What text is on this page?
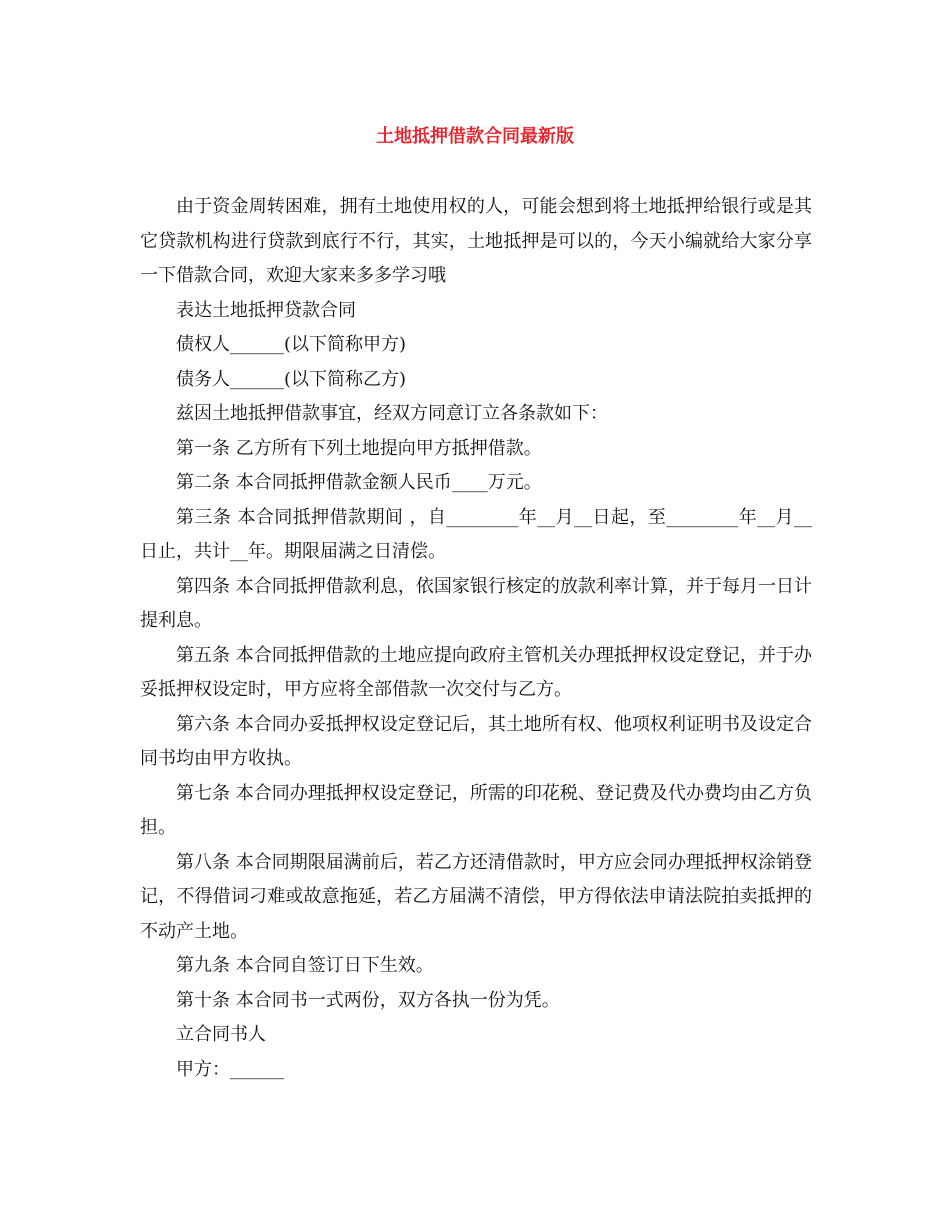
土地抵押借款合同最新版

由于资金周转困难，拥有土地使用权的人，可能会想到将土地抵押给银行或是其它贷款机构进行贷款到底行不行，其实，土地抵押是可以的，今天小编就给大家分享一下借款合同，欢迎大家来多多学习哦

表达土地抵押贷款合同

债权人______(以下简称甲方)

债务人______(以下简称乙方)

兹因土地抵押借款事宜，经双方同意订立各条款如下：

第一条 乙方所有下列土地提向甲方抵押借款。

第二条 本合同抵押借款金额人民币____万元。

第三条 本合同抵押借款期间 ，自________年__月__日起，至________年__月__日止，共计__年。期限届满之日清偿。

第四条 本合同抵押借款利息，依国家银行核定的放款利率计算，并于每月一日计提利息。

第五条 本合同抵押借款的土地应提向政府主管机关办理抵押权设定登记，并于办妥抵押权设定时，甲方应将全部借款一次交付与乙方。

第六条 本合同办妥抵押权设定登记后，其土地所有权、他项权利证明书及设定合同书均由甲方收执。

第七条 本合同办理抵押权设定登记，所需的印花税、登记费及代办费均由乙方负担。

第八条 本合同期限届满前后，若乙方还清借款时，甲方应会同办理抵押权涂销登记，不得借词刁难或故意拖延，若乙方届满不清偿，甲方得依法申请法院拍卖抵押的不动产土地。

第九条 本合同自签订日下生效。

第十条 本合同书一式两份，双方各执一份为凭。

立合同书人

甲方：______
